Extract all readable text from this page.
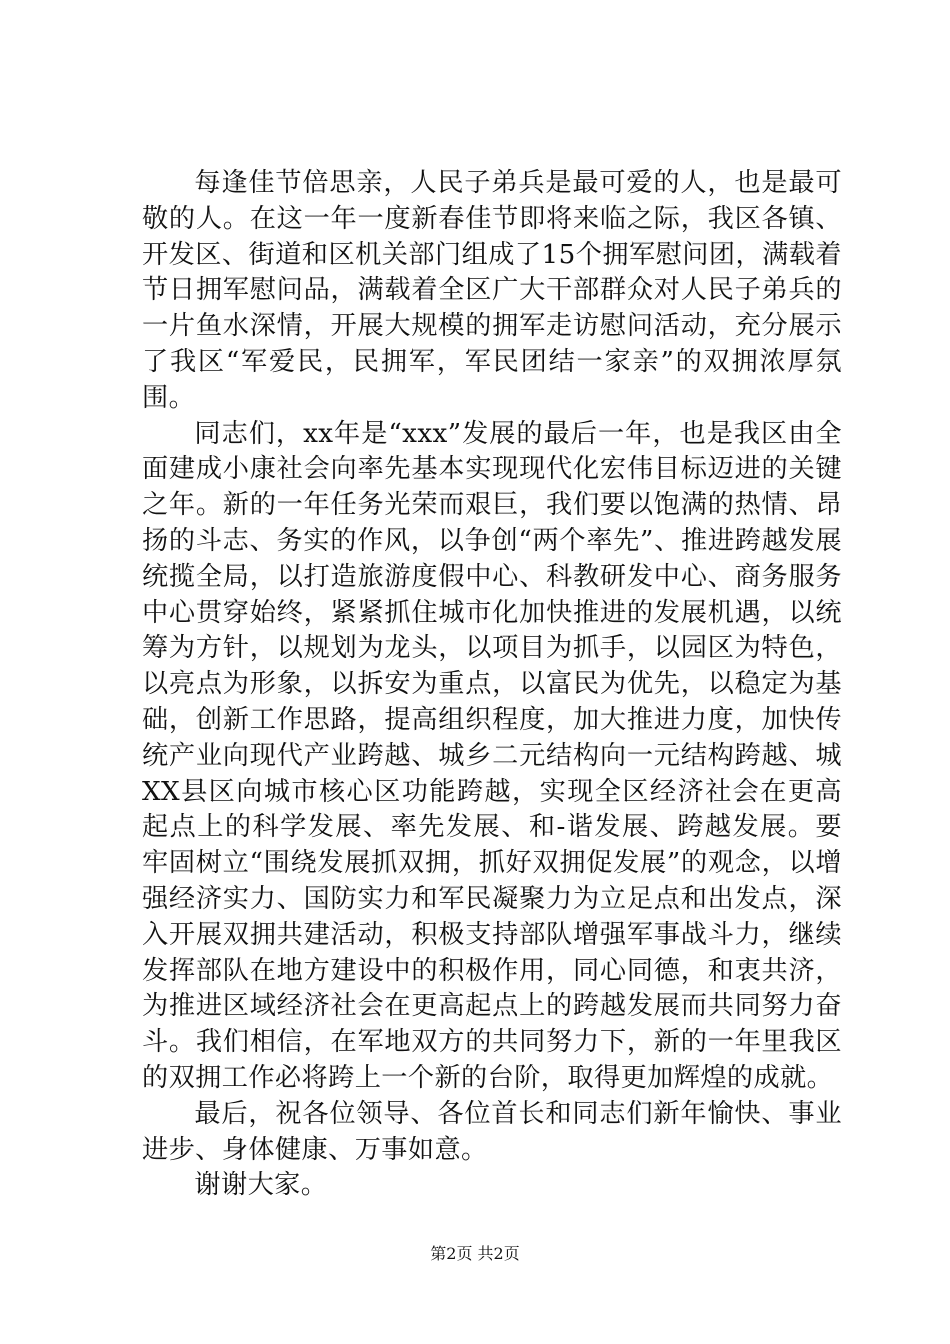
每逢佳节倍思亲，人民子弟兵是最可爱的人，也是最可敬的人。在这一年一度新春佳节即将来临之际，我区各镇、开发区、街道和区机关部门组成了15个拥军慰问团，满载着节日拥军慰问品，满载着全区广大干部群众对人民子弟兵的一片鱼水深情，开展大规模的拥军走访慰问活动，充分展示了我区“军爱民，民拥军，军民团结一家亲”的双拥浓厚氛围。

同志们，xx年是“xxx”发展的最后一年，也是我区由全面建成小康社会向率先基本实现现代化宏伟目标迈进的关键之年。新的一年任务光荣而艰巨，我们要以饱满的热情、昂扬的斗志、务实的作风，以争创“两个率先”、推进跨越发展统揽全局，以打造旅游度假中心、科教研发中心、商务服务中心贯穿始终，紧紧抓住城市化加快推进的发展机遇，以统筹为方针，以规划为龙头，以项目为抓手，以园区为特色，以亮点为形象，以拆安为重点，以富民为优先，以稳定为基础，创新工作思路，提高组织程度，加大推进力度，加快传统产业向现代产业跨越、城乡二元结构向一元结构跨越、城XX县区向城市核心区功能跨越，实现全区经济社会在更高起点上的科学发展、率先发展、和-谐发展、跨越发展。要牢固树立“围绕发展抓双拥，抓好双拥促发展”的观念，以增强经济实力、国防实力和军民凝聚力为立足点和出发点，深入开展双拥共建活动，积极支持部队增强军事战斗力，继续发挥部队在地方建设中的积极作用，同心同德，和衷共济，为推进区域经济社会在更高起点上的跨越发展而共同努力奋斗。我们相信，在军地双方的共同努力下，新的一年里我区的双拥工作必将跨上一个新的台阶，取得更加辉煌的成就。

最后，祝各位领导、各位首长和同志们新年愉快、事业进步、身体健康、万事如意。

谢谢大家。

第2页 共2页
